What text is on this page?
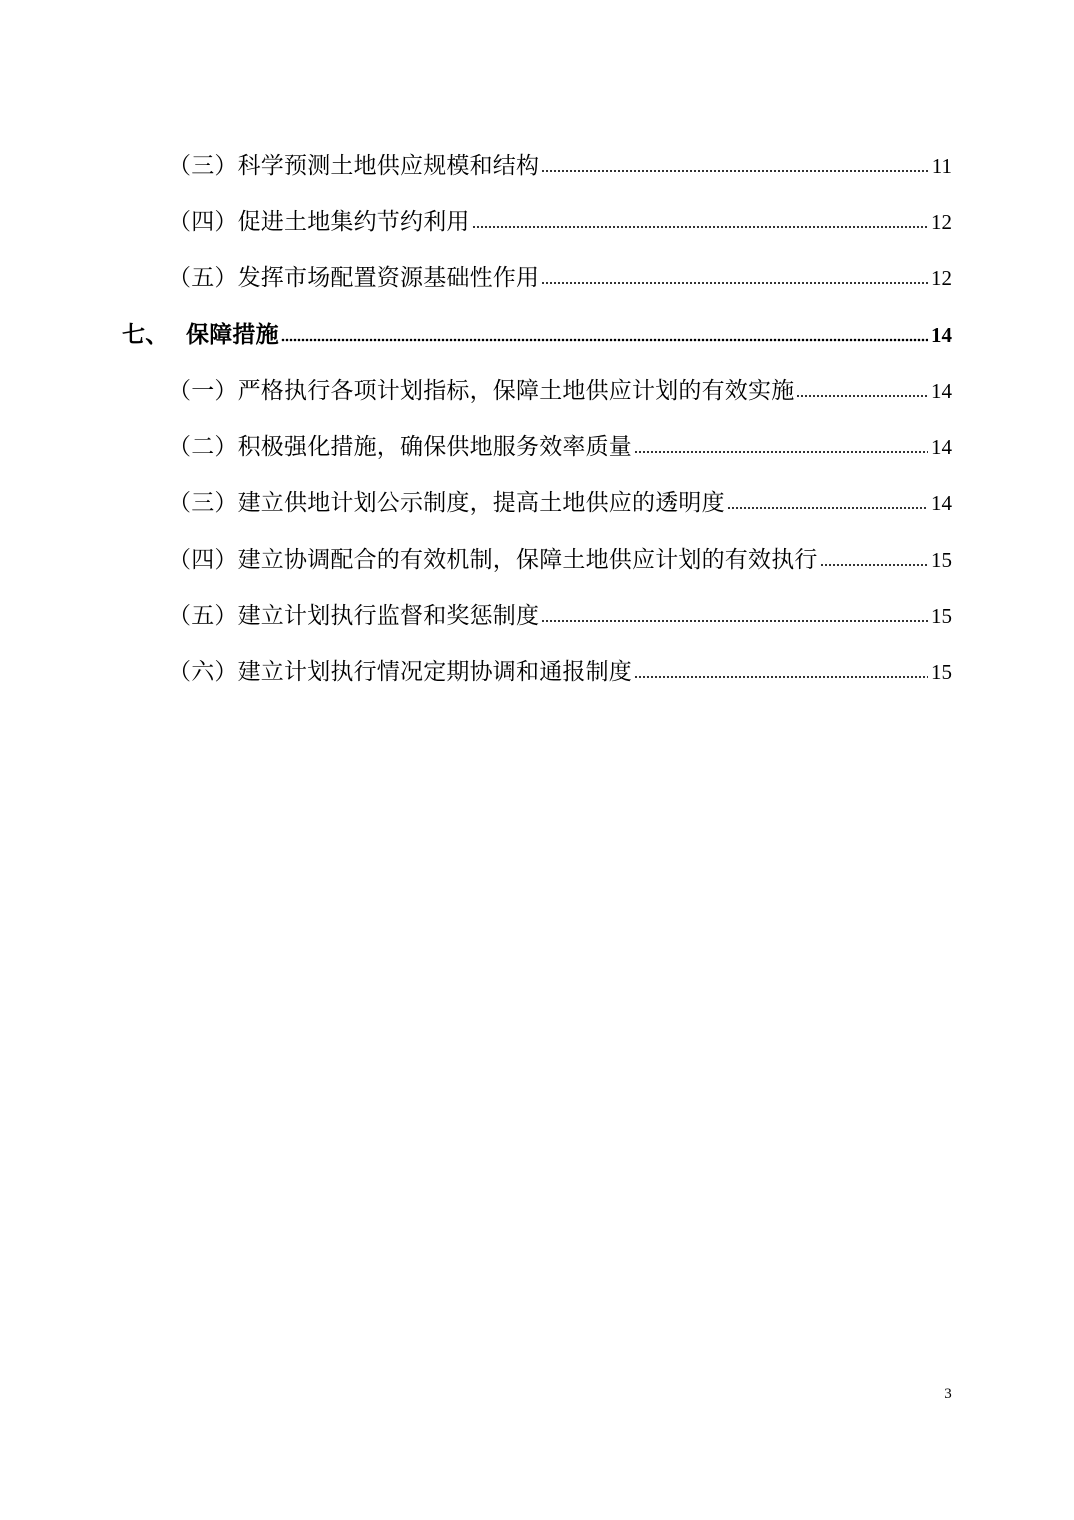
（三）科学预测土地供应规模和结构	11
（四）促进土地集约节约利用	12
（五）发挥市场配置资源基础性作用	12
七、 保障措施	14
（一）严格执行各项计划指标，保障土地供应计划的有效实施	14
（二）积极强化措施，确保供地服务效率质量	14
（三）建立供地计划公示制度，提高土地供应的透明度	14
（四）建立协调配合的有效机制，保障土地供应计划的有效执行	15
（五）建立计划执行监督和奖惩制度	15
（六）建立计划执行情况定期协调和通报制度	15
3
